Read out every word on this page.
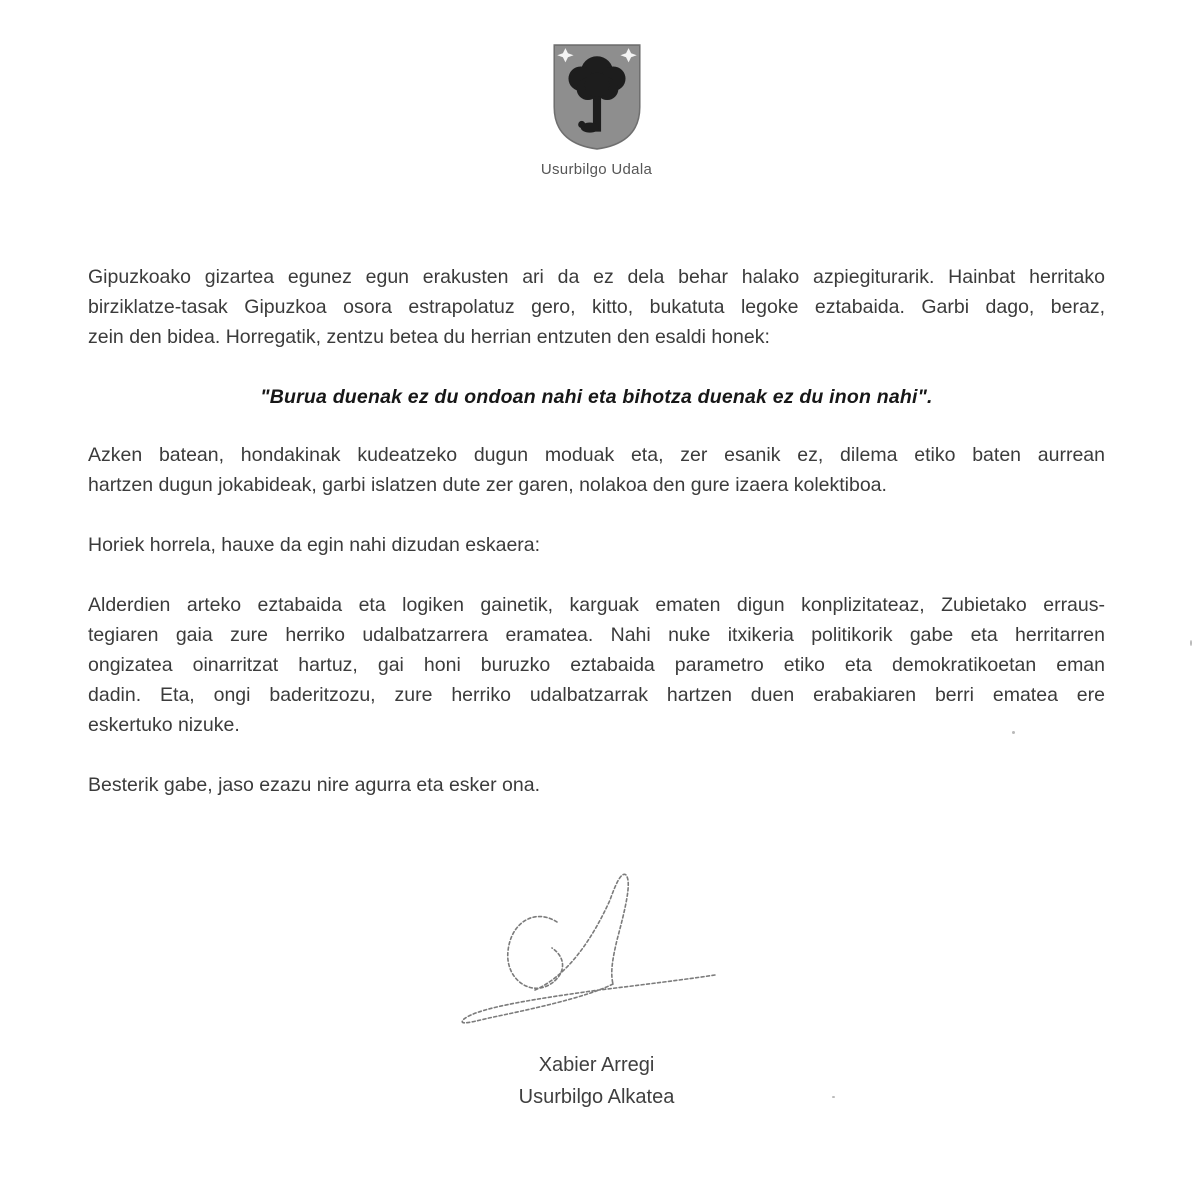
Usurbilgo Udala
Gipuzkoako gizartea egunez egun erakusten ari da ez dela behar halako azpiegiturarik. Hainbat herritako
birziklatze-tasak Gipuzkoa osora estrapolatuz gero, kitto, bukatuta legoke eztabaida. Garbi dago, beraz,
zein den bidea. Horregatik, zentzu betea du herrian entzuten den esaldi honek:
"Burua duenak ez du ondoan nahi eta bihotza duenak ez du inon nahi".
Azken batean, hondakinak kudeatzeko dugun moduak eta, zer esanik ez, dilema etiko baten aurrean
hartzen dugun jokabideak, garbi islatzen dute zer garen, nolakoa den gure izaera kolektiboa.
Horiek horrela, hauxe da egin nahi dizudan eskaera:
Alderdien arteko eztabaida eta logiken gainetik, karguak ematen digun konplizitateaz, Zubietako erraus-
tegiaren gaia zure herriko udalbatzarrera eramatea. Nahi nuke itxikeria politikorik gabe eta herritarren
ongizatea oinarritzat hartuz, gai honi buruzko eztabaida parametro etiko eta demokratikoetan eman
dadin. Eta, ongi baderitzozu, zure herriko udalbatzarrak hartzen duen erabakiaren berri ematea ere
eskertuko nizuke.
Besterik gabe, jaso ezazu nire agurra eta esker ona.
Xabier Arregi
Usurbilgo Alkatea
